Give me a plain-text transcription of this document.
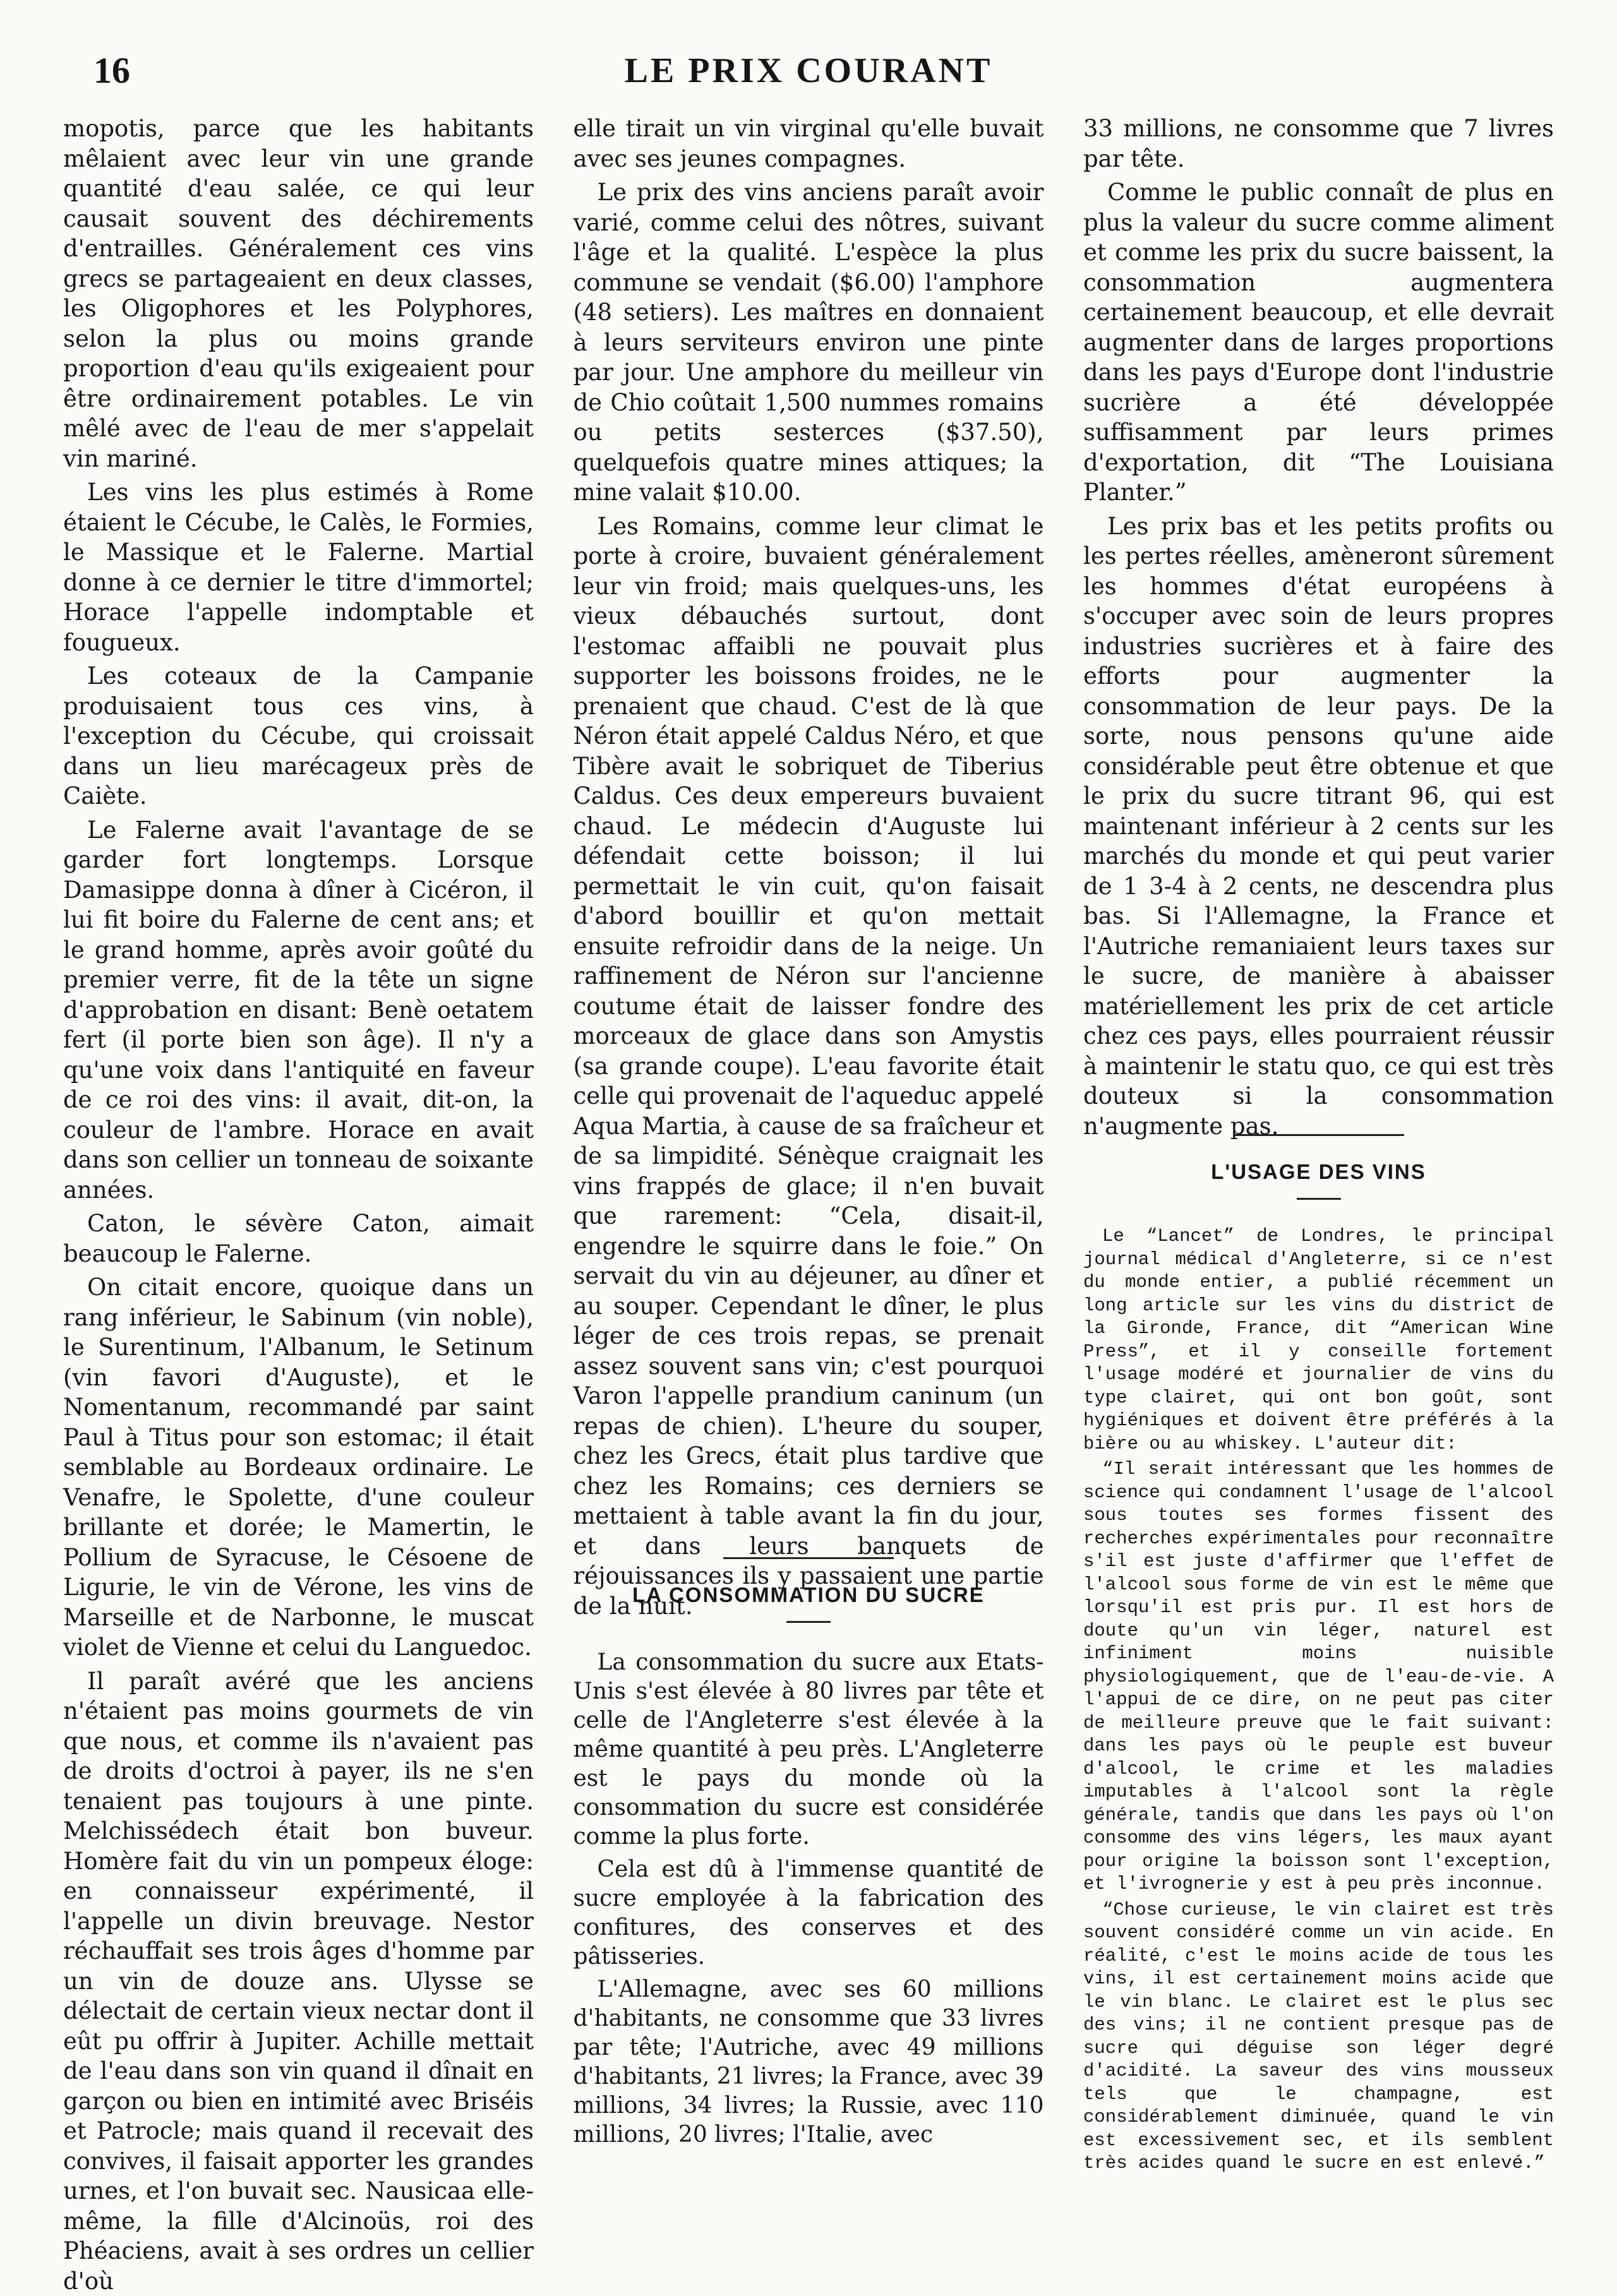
16	LE PRIX COURANT

mopotis, parce que les habitants mêlaient avec leur vin une grande quantité d'eau salée, ce qui leur causait souvent des déchirements d'entrailles. Généralement ces vins grecs se partageaient en deux classes, les Oligophores et les Polyphores, selon la plus ou moins grande proportion d'eau qu'ils exigeaient pour être ordinairement potables. Le vin mêlé avec de l'eau de mer s'appelait vin mariné.

Les vins les plus estimés à Rome étaient le Cécube, le Calès, le Formies, le Massique et le Falerne. Martial donne à ce dernier le titre d'immortel; Horace l'appelle indomptable et fougueux.

Les coteaux de la Campanie produisaient tous ces vins, à l'exception du Cécube, qui croissait dans un lieu marécageux près de Caiète.

Le Falerne avait l'avantage de se garder fort longtemps. Lorsque Damasippe donna à dîner à Cicéron, il lui fit boire du Falerne de cent ans; et le grand homme, après avoir goûté du premier verre, fit de la tête un signe d'approbation en disant: Benè oetatem fert (il porte bien son âge). Il n'y a qu'une voix dans l'antiquité en faveur de ce roi des vins: il avait, dit-on, la couleur de l'ambre. Horace en avait dans son cellier un tonneau de soixante années.

Caton, le sévère Caton, aimait beaucoup le Falerne.

On citait encore, quoique dans un rang inférieur, le Sabinum (vin noble), le Surentinum, l'Albanum, le Setinum (vin favori d'Auguste), et le Nomentanum, recommandé par saint Paul à Titus pour son estomac; il était semblable au Bordeaux ordinaire. Le Venafre, le Spolette, d'une couleur brillante et dorée; le Mamertin, le Pollium de Syracuse, le Césoene de Ligurie, le vin de Vérone, les vins de Marseille et de Narbonne, le muscat violet de Vienne et celui du Languedoc.

Il paraît avéré que les anciens n'étaient pas moins gourmets de vin que nous, et comme ils n'avaient pas de droits d'octroi à payer, ils ne s'en tenaient pas toujours à une pinte. Melchissédech était bon buveur. Homère fait du vin un pompeux éloge: en connaisseur expérimenté, il l'appelle un divin breuvage. Nestor réchauffait ses trois âges d'homme par un vin de douze ans. Ulysse se délectait de certain vieux nectar dont il eût pu offrir à Jupiter. Achille mettait de l'eau dans son vin quand il dînait en garçon ou bien en intimité avec Briséis et Patrocle; mais quand il recevait des convives, il faisait apporter les grandes urnes, et l'on buvait sec. Nausicaa elle-même, la fille d'Alcinoüs, roi des Phéaciens, avait à ses ordres un cellier d'où

elle tirait un vin virginal qu'elle buvait avec ses jeunes compagnes.

Le prix des vins anciens paraît avoir varié, comme celui des nôtres, suivant l'âge et la qualité. L'espèce la plus commune se vendait ($6.00) l'amphore (48 setiers). Les maîtres en donnaient à leurs serviteurs environ une pinte par jour. Une amphore du meilleur vin de Chio coûtait 1,500 nummes romains ou petits sesterces ($37.50), quelquefois quatre mines attiques; la mine valait $10.00.

Les Romains, comme leur climat le porte à croire, buvaient généralement leur vin froid; mais quelques-uns, les vieux débauchés surtout, dont l'estomac affaibli ne pouvait plus supporter les boissons froides, ne le prenaient que chaud. C'est de là que Néron était appelé Caldus Néro, et que Tibère avait le sobriquet de Tiberius Caldus. Ces deux empereurs buvaient chaud. Le médecin d'Auguste lui défendait cette boisson; il lui permettait le vin cuit, qu'on faisait d'abord bouillir et qu'on mettait ensuite refroidir dans de la neige. Un raffinement de Néron sur l'ancienne coutume était de laisser fondre des morceaux de glace dans son Amystis (sa grande coupe). L'eau favorite était celle qui provenait de l'aqueduc appelé Aqua Martia, à cause de sa fraîcheur et de sa limpidité. Sénèque craignait les vins frappés de glace; il n'en buvait que rarement: “Cela, disait-il, engendre le squirre dans le foie.” On servait du vin au déjeuner, au dîner et au souper. Cependant le dîner, le plus léger de ces trois repas, se prenait assez souvent sans vin; c'est pourquoi Varon l'appelle prandium caninum (un repas de chien). L'heure du souper, chez les Grecs, était plus tardive que chez les Romains; ces derniers se mettaient à table avant la fin du jour, et dans leurs banquets de réjouissances ils y passaient une partie de la nuit.

LA CONSOMMATION DU SUCRE

La consommation du sucre aux Etats-Unis s'est élevée à 80 livres par tête et celle de l'Angleterre s'est élevée à la même quantité à peu près. L'Angleterre est le pays du monde où la consommation du sucre est considérée comme la plus forte.

Cela est dû à l'immense quantité de sucre employée à la fabrication des confitures, des conserves et des pâtisseries.

L'Allemagne, avec ses 60 millions d'habitants, ne consomme que 33 livres par tête; l'Autriche, avec 49 millions d'habitants, 21 livres; la France, avec 39 millions, 34 livres; la Russie, avec 110 millions, 20 livres; l'Italie, avec

33 millions, ne consomme que 7 livres par tête.

Comme le public connaît de plus en plus la valeur du sucre comme aliment et comme les prix du sucre baissent, la consommation augmentera certainement beaucoup, et elle devrait augmenter dans de larges proportions dans les pays d'Europe dont l'industrie sucrière a été développée suffisamment par leurs primes d'exportation, dit “The Louisiana Planter.”

Les prix bas et les petits profits ou les pertes réelles, amèneront sûrement les hommes d'état européens à s'occuper avec soin de leurs propres industries sucrières et à faire des efforts pour augmenter la consommation de leur pays. De la sorte, nous pensons qu'une aide considérable peut être obtenue et que le prix du sucre titrant 96, qui est maintenant inférieur à 2 cents sur les marchés du monde et qui peut varier de 1 3-4 à 2 cents, ne descendra plus bas. Si l'Allemagne, la France et l'Autriche remaniaient leurs taxes sur le sucre, de manière à abaisser matériellement les prix de cet article chez ces pays, elles pourraient réussir à maintenir le statu quo, ce qui est très douteux si la consommation n'augmente pas.

L'USAGE DES VINS

Le “Lancet” de Londres, le principal journal médical d'Angleterre, si ce n'est du monde entier, a publié récemment un long article sur les vins du district de la Gironde, France, dit “American Wine Press”, et il y conseille fortement l'usage modéré et journalier de vins du type clairet, qui ont bon goût, sont hygiéniques et doivent être préférés à la bière ou au whiskey. L'auteur dit:

“Il serait intéressant que les hommes de science qui condamnent l'usage de l'alcool sous toutes ses formes fissent des recherches expérimentales pour reconnaître s'il est juste d'affirmer que l'effet de l'alcool sous forme de vin est le même que lorsqu'il est pris pur. Il est hors de doute qu'un vin léger, naturel est infiniment moins nuisible physiologiquement, que de l'eau-de-vie. A l'appui de ce dire, on ne peut pas citer de meilleure preuve que le fait suivant: dans les pays où le peuple est buveur d'alcool, le crime et les maladies imputables à l'alcool sont la règle générale, tandis que dans les pays où l'on consomme des vins légers, les maux ayant pour origine la boisson sont l'exception, et l'ivrognerie y est à peu près inconnue.

“Chose curieuse, le vin clairet est très souvent considéré comme un vin acide. En réalité, c'est le moins acide de tous les vins, il est certainement moins acide que le vin blanc. Le clairet est le plus sec des vins; il ne contient presque pas de sucre qui déguise son léger degré d'acidité. La saveur des vins mousseux tels que le champagne, est considérablement diminuée, quand le vin est excessivement sec, et ils semblent très acides quand le sucre en est enlevé.”
